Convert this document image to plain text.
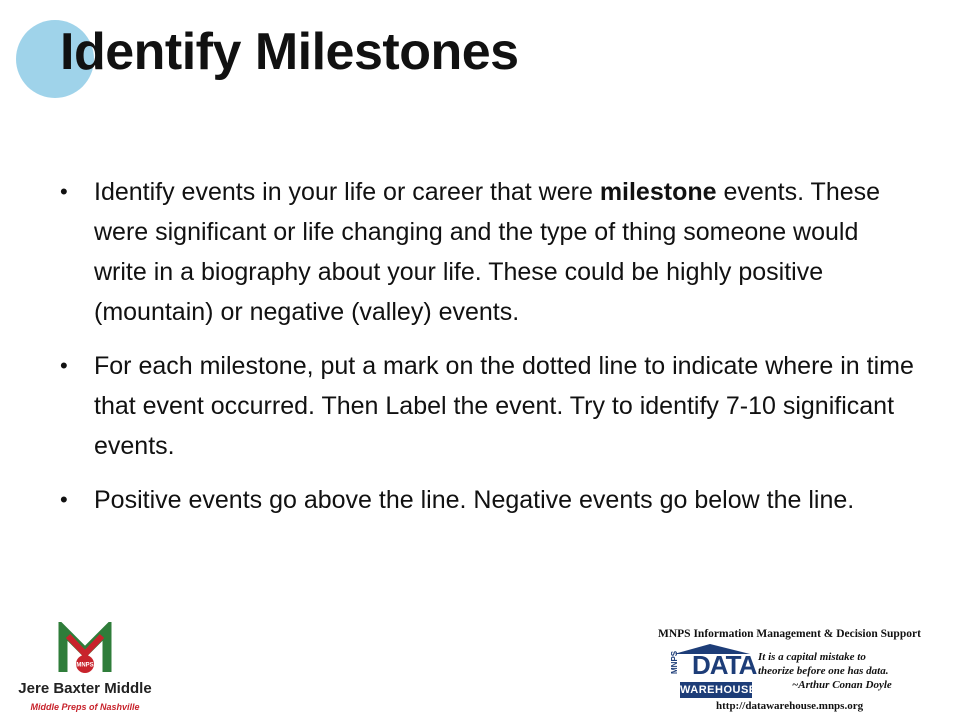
Identify Milestones
• Identify events in your life or career that were milestone events. These were significant or life changing and the type of thing someone would write in a biography about your life. These could be highly positive (mountain) or negative (valley) events.
• For each milestone, put a mark on the dotted line to indicate where in time that event occurred. Then Label the event. Try to identify 7-10 significant events.
• Positive events go above the line. Negative events go below the line.
MNPS
Jere Baxter Middle
Middle Preps of Nashville
MNPS Information Management & Decision Support
MNPS DATA
WAREHOUSE
It is a capital mistake to
theorize before one has data.

~Arthur Conan Doyle
http://datawarehouse.mnps.org
